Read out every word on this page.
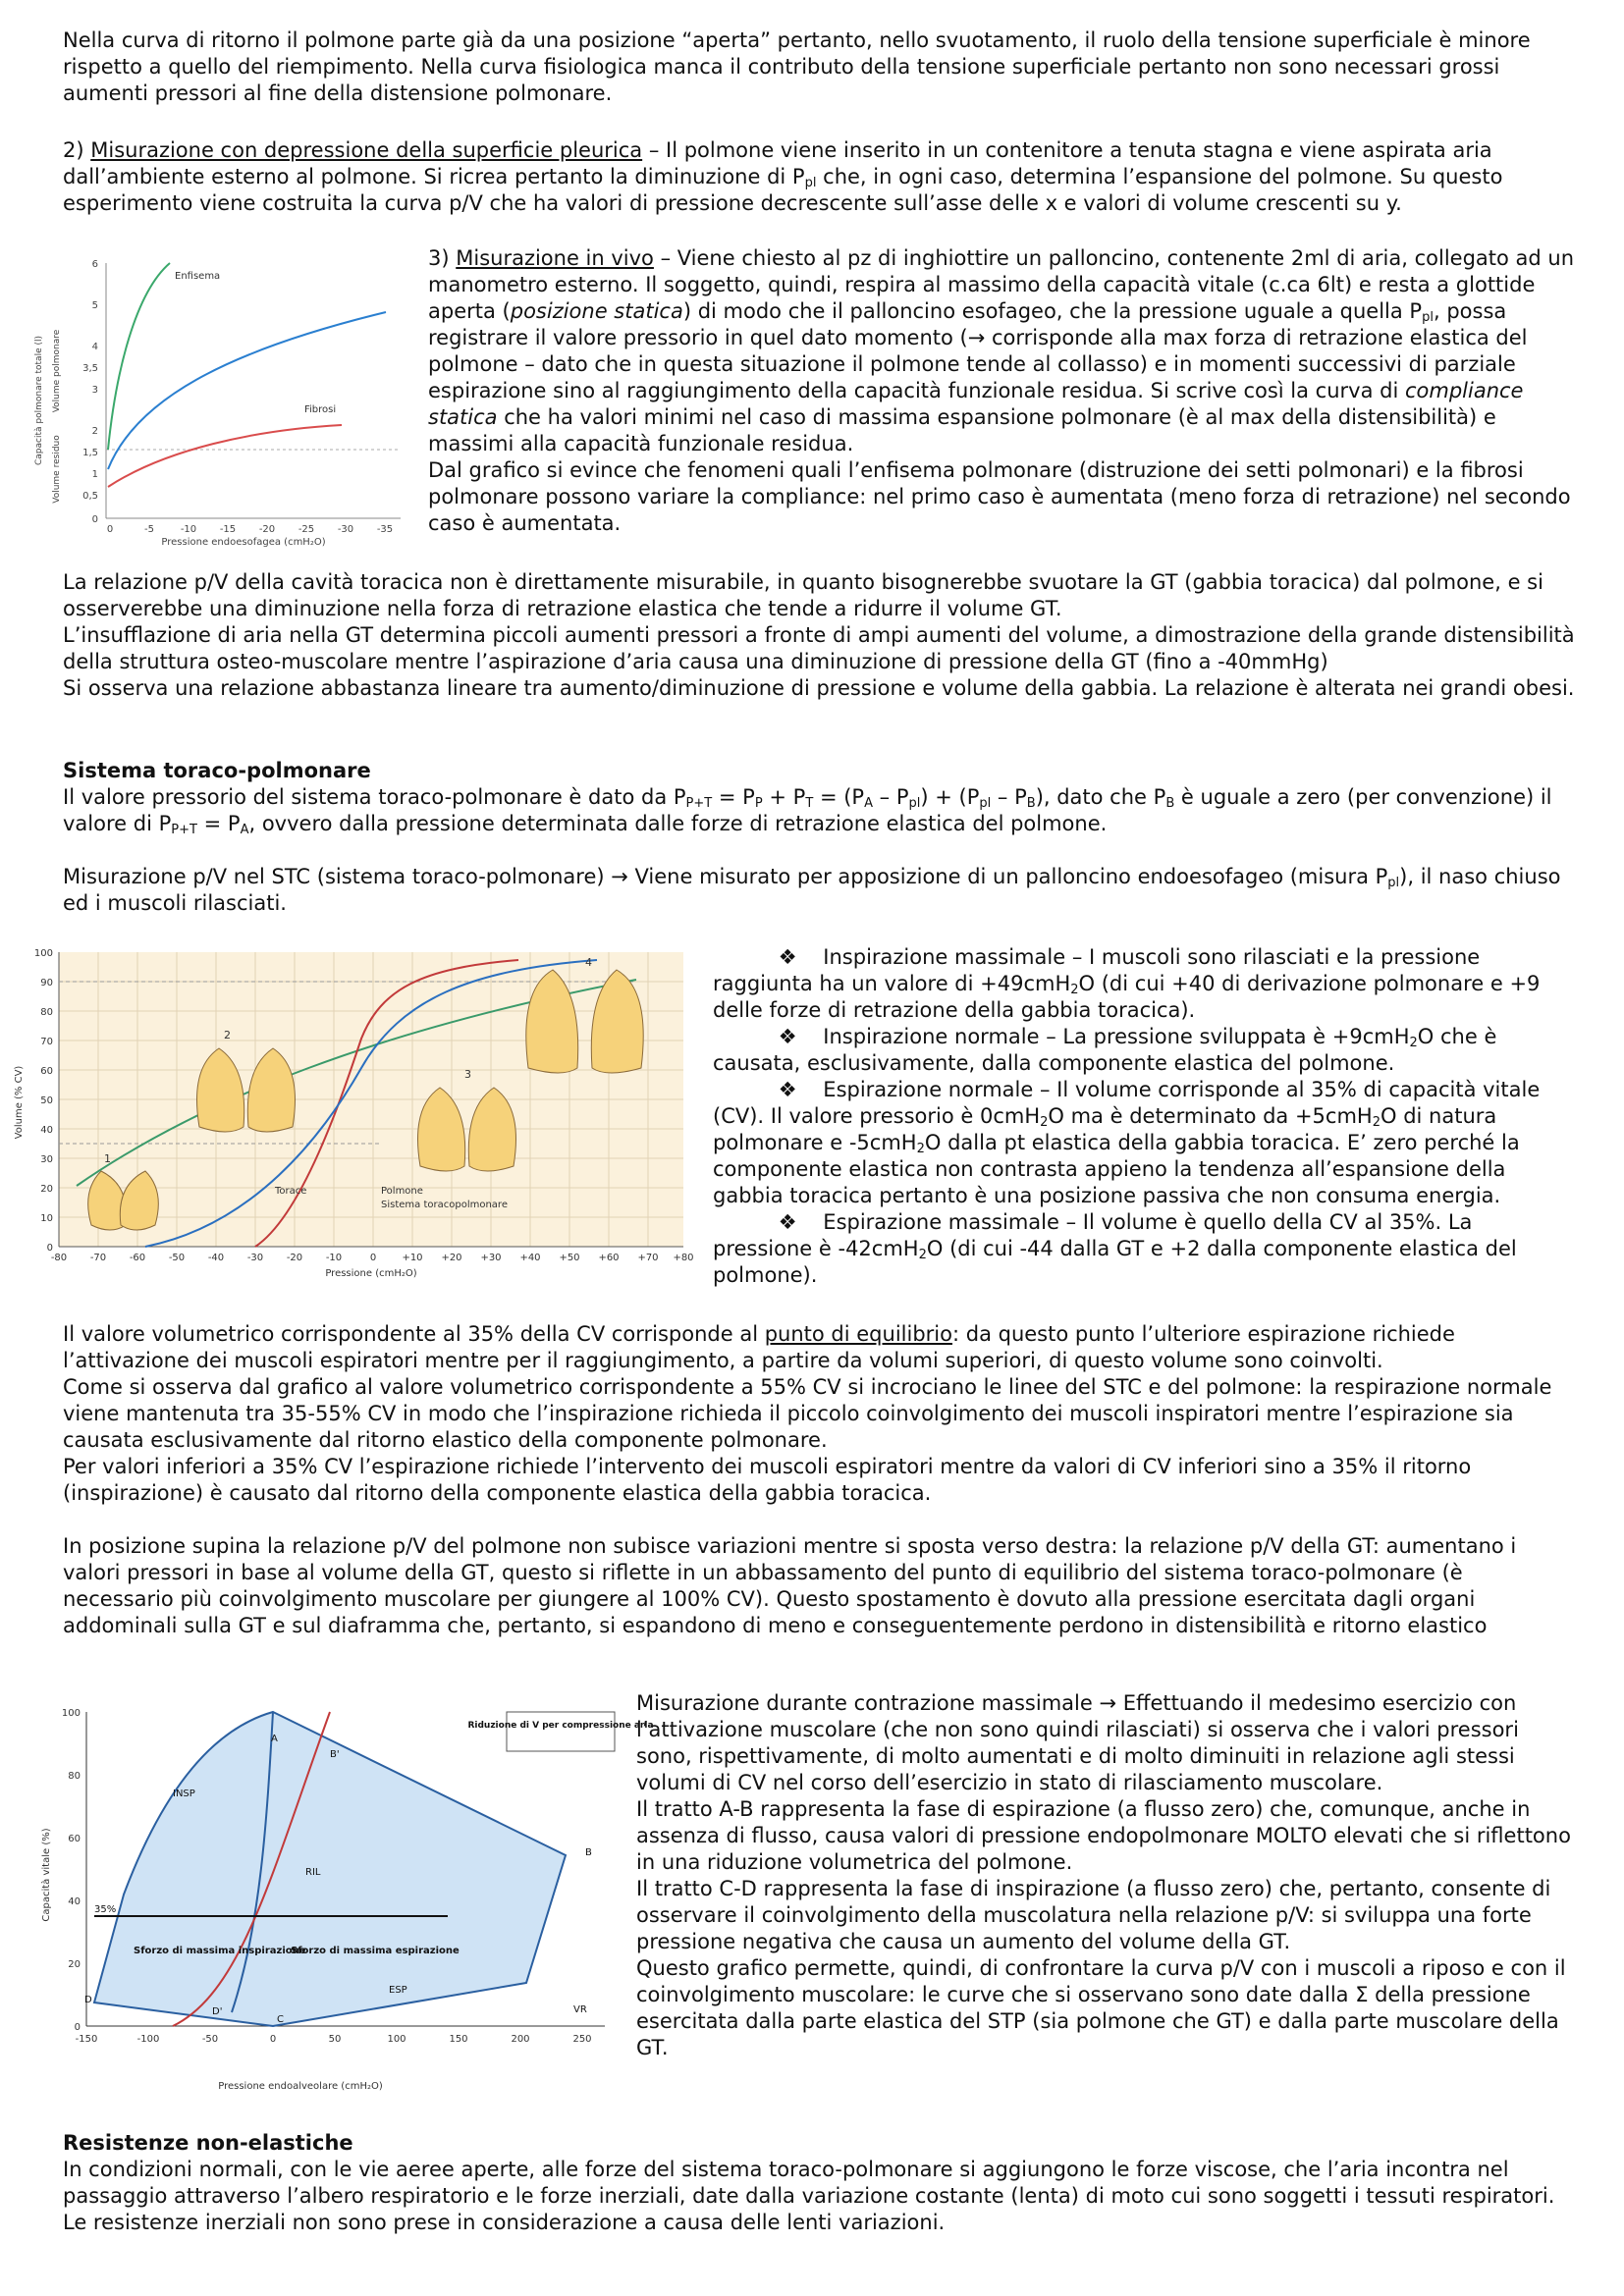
Nella curva di ritorno il polmone parte già da una posizione “aperta” pertanto, nello svuotamento, il ruolo della tensione superficiale è minore rispetto a quello del riempimento. Nella curva fisiologica manca il contributo della tensione superficiale pertanto non sono necessari grossi aumenti pressori al fine della distensione polmonare.

2) Misurazione con depressione della superficie pleurica – Il polmone viene inserito in un contenitore a tenuta stagna e viene aspirata aria dall’ambiente esterno al polmone. Si ricrea pertanto la diminuzione di $P_{pl}$ che, in ogni caso, determina l’espansione del polmone. Su questo esperimento viene costruita la curva p/V che ha valori di pressione decrescente sull’asse delle x e valori di volume crescenti su y.

Capacità polmonare totale (l) Volume polmonare
Volume residuo
6
5
4
3,5
3
2
1,5
1
0,5
0
0	-5	-10 -15 -20 -25 -30 -35
Pressione endoesofagea (cmH₂O)
Enfisema
Fibrosi

3) Misurazione in vivo – Viene chiesto al pz di inghiottire un palloncino, contenente 2ml di aria, collegato ad un manometro esterno. Il soggetto, quindi, respira al massimo della capacità vitale (c.ca 6lt) e resta a glottide aperta (posizione statica) di modo che il palloncino esofageo, che la pressione uguale a quella $P_{pl}$, possa registrare il valore pressorio in quel dato momento (→ corrisponde alla max forza di retrazione elastica del polmone – dato che in questa situazione il polmone tende al collasso) e in momenti successivi di parziale espirazione sino al raggiungimento della capacità funzionale residua. Si scrive così la curva di compliance statica che ha valori minimi nel caso di massima espansione polmonare (è al max della distensibilità) e massimi alla capacità funzionale residua.

Dal grafico si evince che fenomeni quali l’enfisema polmonare (distruzione dei setti polmonari) e la fibrosi polmonare possono variare la compliance: nel primo caso è aumentata (meno forza di retrazione) nel secondo caso è aumentata.

La relazione p/V della cavità toracica non è direttamente misurabile, in quanto bisognerebbe svuotare la GT (gabbia toracica) dal polmone, e si osserverebbe una diminuzione nella forza di retrazione elastica che tende a ridurre il volume GT.

L’insufflazione di aria nella GT determina piccoli aumenti pressori a fronte di ampi aumenti del volume, a dimostrazione della grande distensibilità della struttura osteo-muscolare mentre l’aspirazione d’aria causa una diminuzione di pressione della GT (fino a -40mmHg)

Si osserva una relazione abbastanza lineare tra aumento/diminuzione di pressione e volume della gabbia. La relazione è alterata nei grandi obesi.

Sistema toraco-polmonare

Il valore pressorio del sistema toraco-polmonare è dato da $P_{P+T} = P_P + P_T = (P_A - P_{pl}) + (P_{pl} - P_B)$, dato che $P_B$ è uguale a zero (per convenzione) il valore di $P_{P+T} = P_A$, ovvero dalla pressione determinata dalle forze di retrazione elastica del polmone.

Misurazione p/V nel STC (sistema toraco-polmonare) → Viene misurato per apposizione di un palloncino endoesofageo (misura $P_{pl}$), il naso chiuso ed i muscoli rilasciati.

Volume (% CV)
100
90
80
70
60
50
40
30
20
10
0
-80 -70 -60 -50 -40 -30 -20 -10	0	+10 +20 +30 +40 +50 +60 +70 +80
Pressione (cmH₂O)
Torace	Polmone
Sistema toracopolmonare
1
2
3
4	❖ Inspirazione massimale – I muscoli sono rilasciati e la pressione raggiunta ha un valore di +49cmH$_2$O (di cui +40 di derivazione polmonare e +9 delle forze di retrazione della gabbia toracica).

❖ Inspirazione normale – La pressione sviluppata è +9cmH$_2$O che è causata, esclusivamente, dalla componente elastica del polmone.

❖ Espirazione normale – Il volume corrisponde al 35% di capacità vitale (CV). Il valore pressorio è 0cmH$_2$O ma è determinato da +5cmH$_2$O di natura polmonare e -5cmH$_2$O dalla pt elastica della gabbia toracica. E’ zero perché la componente elastica non contrasta appieno la tendenza all’espansione della gabbia toracica pertanto è una posizione passiva che non consuma energia.

❖ Espirazione massimale – Il volume è quello della CV al 35%. La pressione è -42cmH$_2$O (di cui -44 dalla GT e +2 dalla componente elastica del polmone).

Il valore volumetrico corrispondente al 35% della CV corrisponde al punto di equilibrio: da questo punto l’ulteriore espirazione richiede l’attivazione dei muscoli espiratori mentre per il raggiungimento, a partire da volumi superiori, di questo volume sono coinvolti.

Come si osserva dal grafico al valore volumetrico corrispondente a 55% CV si incrociano le linee del STC e del polmone: la respirazione normale viene mantenuta tra 35-55% CV in modo che l’inspirazione richieda il piccolo coinvolgimento dei muscoli inspiratori mentre l’espirazione sia causata esclusivamente dal ritorno elastico della componente polmonare.

Per valori inferiori a 35% CV l’espirazione richiede l’intervento dei muscoli espiratori mentre da valori di CV inferiori sino a 35% il ritorno (inspirazione) è causato dal ritorno della componente elastica della gabbia toracica.

In posizione supina la relazione p/V del polmone non subisce variazioni mentre si sposta verso destra: la relazione p/V della GT: aumentano i valori pressori in base al volume della GT, questo si riflette in un abbassamento del punto di equilibrio del sistema toraco-polmonare (è necessario più coinvolgimento muscolare per giungere al 100% CV). Questo spostamento è dovuto alla pressione esercitata dagli organi addominali sulla GT e sul diaframma che, pertanto, si espandono di meno e conseguentemente perdono in distensibilità e ritorno elastico

Capacità vitale (%)
100
80
60
40
20
0
-150	-100	-50	0	50	100	150	200	250
Pressione endoalveolare (cmH₂O)
Riduzione di V per compressione aria
INSP
RIL
ESP
VR
35%
Sforzo di massima inspirazione
Sforzo di massima espirazione
A
B
B'
C
D
D'

Misurazione durante contrazione massimale → Effettuando il medesimo esercizio con l’attivazione muscolare (che non sono quindi rilasciati) si osserva che i valori pressori sono, rispettivamente, di molto aumentati e di molto diminuiti in relazione agli stessi volumi di CV nel corso dell’esercizio in stato di rilasciamento muscolare.

Il tratto A-B rappresenta la fase di espirazione (a flusso zero) che, comunque, anche in assenza di flusso, causa valori di pressione endopolmonare MOLTO elevati che si riflettono in una riduzione volumetrica del polmone.

Il tratto C-D rappresenta la fase di inspirazione (a flusso zero) che, pertanto, consente di osservare il coinvolgimento della muscolatura nella relazione p/V: si sviluppa una forte pressione negativa che causa un aumento del volume della GT.

Questo grafico permette, quindi, di confrontare la curva p/V con i muscoli a riposo e con il coinvolgimento muscolare: le curve che si osservano sono date dalla Σ della pressione esercitata dalla parte elastica del STP (sia polmone che GT) e dalla parte muscolare della GT.

Resistenze non-elastiche

In condizioni normali, con le vie aeree aperte, alle forze del sistema toraco-polmonare si aggiungono le forze viscose, che l’aria incontra nel passaggio attraverso l’albero respiratorio e le forze inerziali, date dalla variazione costante (lenta) di moto cui sono soggetti i tessuti respiratori. Le resistenze inerziali non sono prese in considerazione a causa delle lenti variazioni.
